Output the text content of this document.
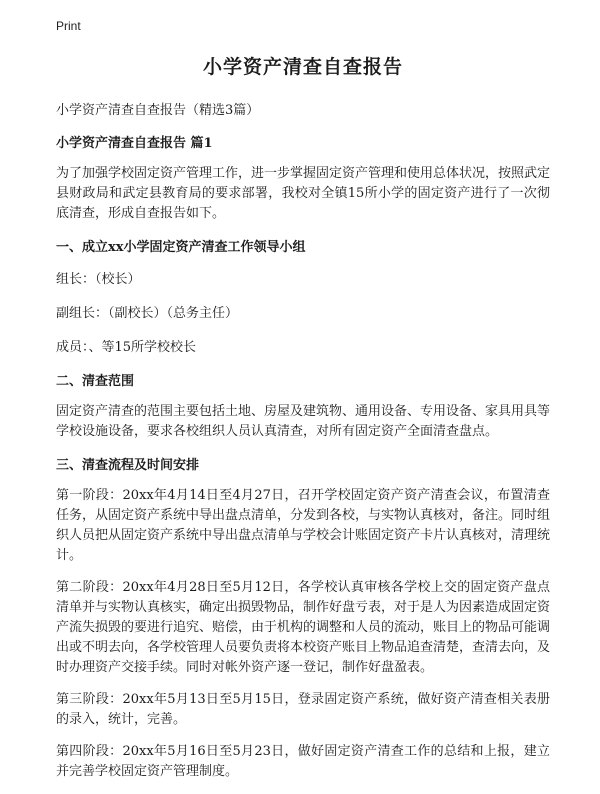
Print
小学资产清查自查报告
小学资产清查自查报告（精选3篇）
小学资产清查自查报告 篇1

为了加强学校固定资产管理工作，进一步掌握固定资产管理和使用总体状况，按照武定县财政局和武定县教育局的要求部署，我校对全镇15所小学的固定资产进行了一次彻底清查，形成自查报告如下。

一、成立xx小学固定资产清查工作领导小组
组长：（校长）
副组长：（副校长）（总务主任）
成员：、等15所学校校长
二、清查范围

固定资产清查的范围主要包括土地、房屋及建筑物、通用设备、专用设备、家具用具等学校设施设备，要求各校组织人员认真清查，对所有固定资产全面清查盘点。

三、清查流程及时间安排

第一阶段：20xx年4月14日至4月27日，召开学校固定资产资产清查会议，布置清查任务，从固定资产系统中导出盘点清单，分发到各校，与实物认真核对，备注。同时组织人员把从固定资产系统中导出盘点清单与学校会计账固定资产卡片认真核对，清理统计。

第二阶段：20xx年4月28日至5月12日，各学校认真审核各学校上交的固定资产盘点清单并与实物认真核实，确定出损毁物品，制作好盘亏表，对于是人为因素造成固定资产流失损毁的要进行追究、赔偿，由于机构的调整和人员的流动，账目上的物品可能调出或不明去向，各学校管理人员要负责将本校资产账目上物品追查清楚，查清去向，及时办理资产交接手续。同时对帐外资产逐一登记，制作好盘盈表。

第三阶段：20xx年5月13日至5月15日，登录固定资产系统，做好资产清查相关表册的录入，统计，完善。

第四阶段：20xx年5月16日至5月23日，做好固定资产清查工作的总结和上报，建立并完善学校固定资产管理制度。
